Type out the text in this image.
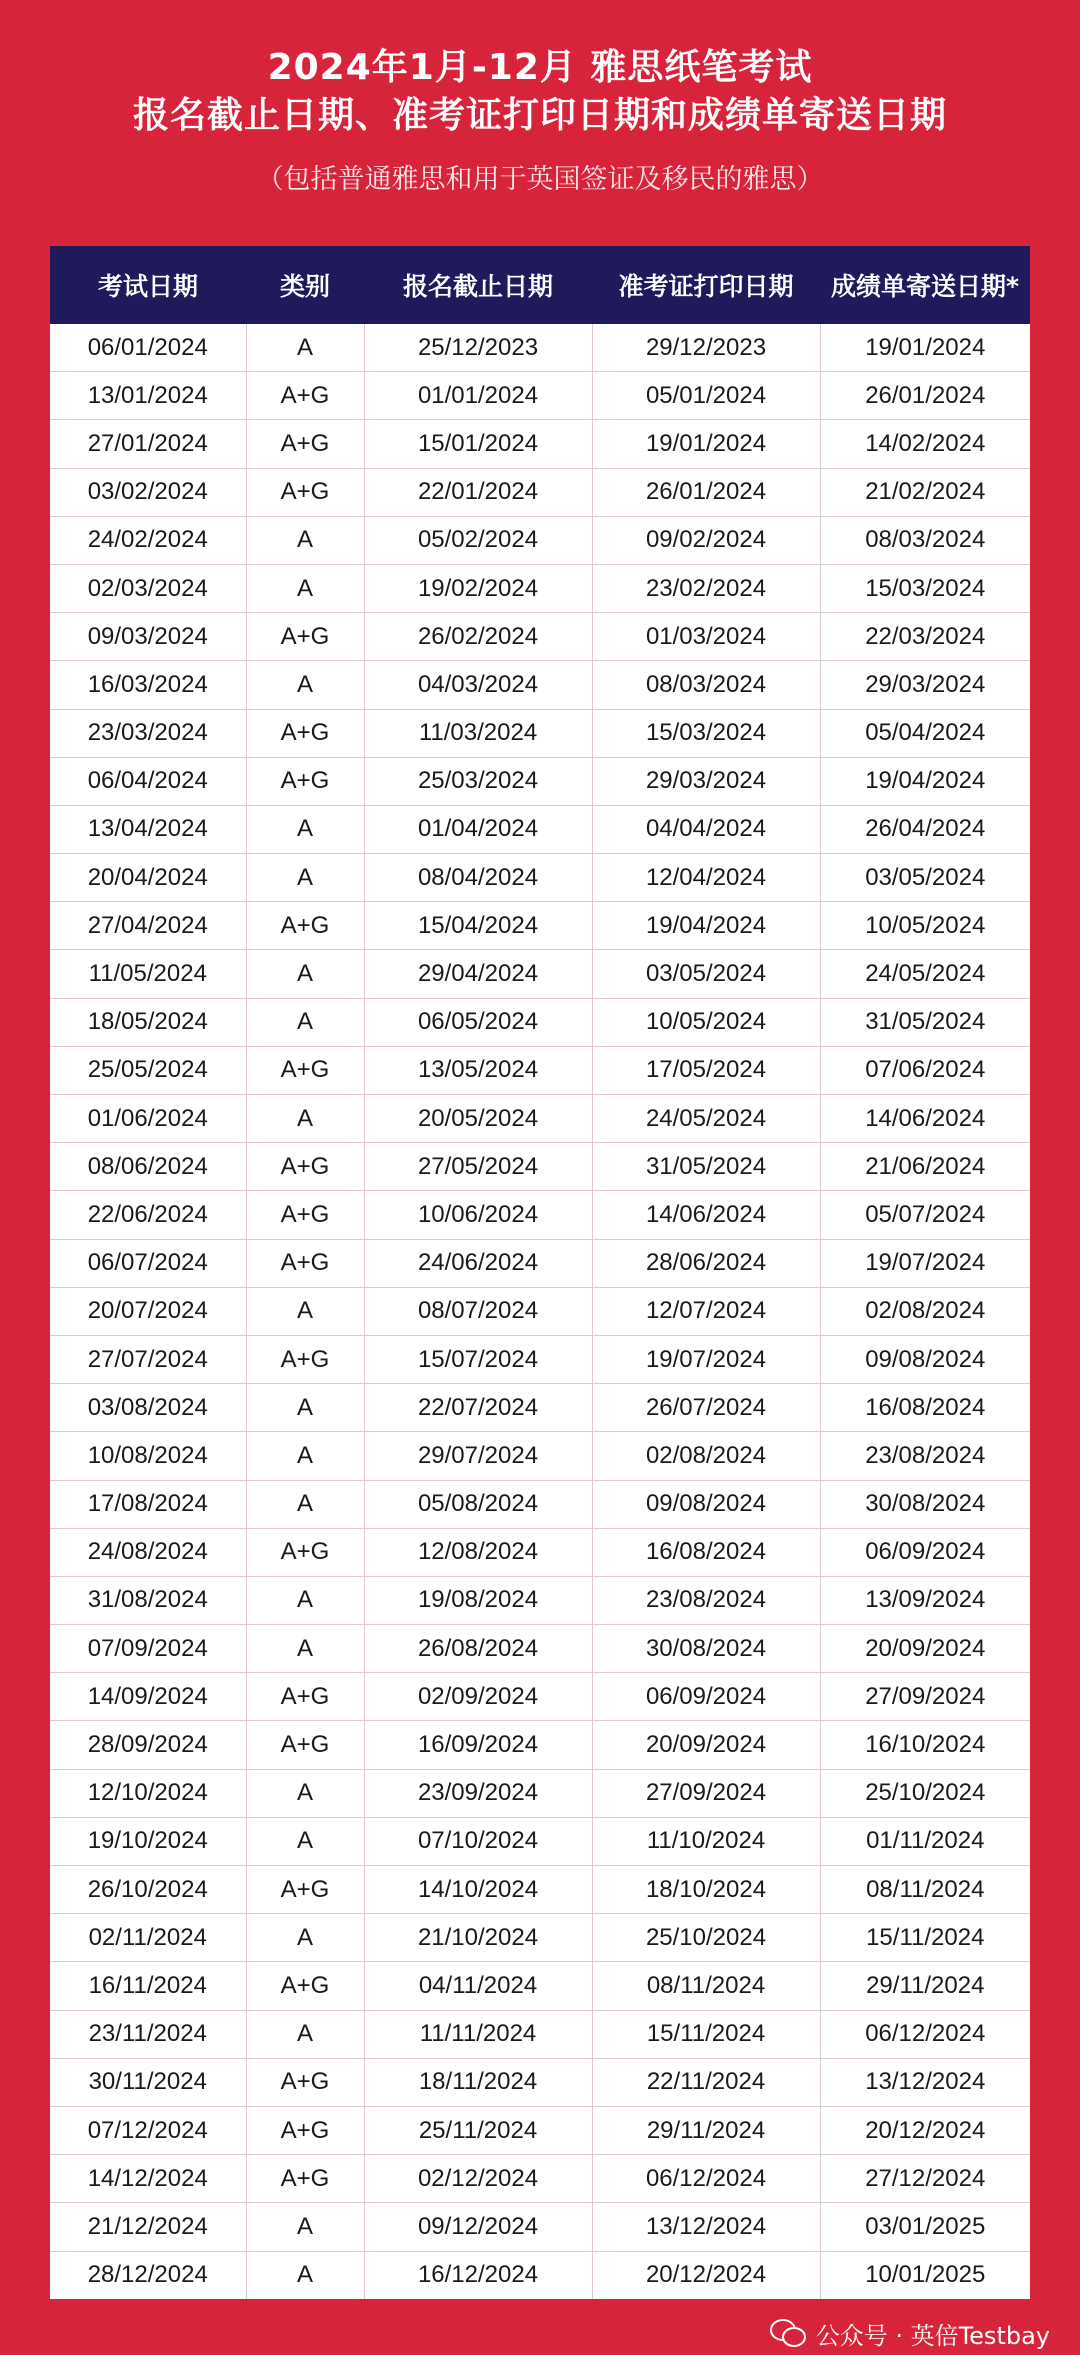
2024年1月-12月 雅思纸笔考试
报名截止日期、准考证打印日期和成绩单寄送日期
（包括普通雅思和用于英国签证及移民的雅思）
考试日期	类别	报名截止日期	准考证打印日期	成绩单寄送日期*
06/01/2024	A	25/12/2023	29/12/2023	19/01/2024
13/01/2024	A+G	01/01/2024	05/01/2024	26/01/2024
27/01/2024	A+G	15/01/2024	19/01/2024	14/02/2024
03/02/2024	A+G	22/01/2024	26/01/2024	21/02/2024
24/02/2024	A	05/02/2024	09/02/2024	08/03/2024
02/03/2024	A	19/02/2024	23/02/2024	15/03/2024
09/03/2024	A+G	26/02/2024	01/03/2024	22/03/2024
16/03/2024	A	04/03/2024	08/03/2024	29/03/2024
23/03/2024	A+G	11/03/2024	15/03/2024	05/04/2024
06/04/2024	A+G	25/03/2024	29/03/2024	19/04/2024
13/04/2024	A	01/04/2024	04/04/2024	26/04/2024
20/04/2024	A	08/04/2024	12/04/2024	03/05/2024
27/04/2024	A+G	15/04/2024	19/04/2024	10/05/2024
11/05/2024	A	29/04/2024	03/05/2024	24/05/2024
18/05/2024	A	06/05/2024	10/05/2024	31/05/2024
25/05/2024	A+G	13/05/2024	17/05/2024	07/06/2024
01/06/2024	A	20/05/2024	24/05/2024	14/06/2024
08/06/2024	A+G	27/05/2024	31/05/2024	21/06/2024
22/06/2024	A+G	10/06/2024	14/06/2024	05/07/2024
06/07/2024	A+G	24/06/2024	28/06/2024	19/07/2024
20/07/2024	A	08/07/2024	12/07/2024	02/08/2024
27/07/2024	A+G	15/07/2024	19/07/2024	09/08/2024
03/08/2024	A	22/07/2024	26/07/2024	16/08/2024
10/08/2024	A	29/07/2024	02/08/2024	23/08/2024
17/08/2024	A	05/08/2024	09/08/2024	30/08/2024
24/08/2024	A+G	12/08/2024	16/08/2024	06/09/2024
31/08/2024	A	19/08/2024	23/08/2024	13/09/2024
07/09/2024	A	26/08/2024	30/08/2024	20/09/2024
14/09/2024	A+G	02/09/2024	06/09/2024	27/09/2024
28/09/2024	A+G	16/09/2024	20/09/2024	16/10/2024
12/10/2024	A	23/09/2024	27/09/2024	25/10/2024
19/10/2024	A	07/10/2024	11/10/2024	01/11/2024
26/10/2024	A+G	14/10/2024	18/10/2024	08/11/2024
02/11/2024	A	21/10/2024	25/10/2024	15/11/2024
16/11/2024	A+G	04/11/2024	08/11/2024	29/11/2024
23/11/2024	A	11/11/2024	15/11/2024	06/12/2024
30/11/2024	A+G	18/11/2024	22/11/2024	13/12/2024
07/12/2024	A+G	25/11/2024	29/11/2024	20/12/2024
14/12/2024	A+G	02/12/2024	06/12/2024	27/12/2024
21/12/2024	A	09/12/2024	13/12/2024	03/01/2025
28/12/2024	A	16/12/2024	20/12/2024	10/01/2025
公众号 · 英倍Testbay
